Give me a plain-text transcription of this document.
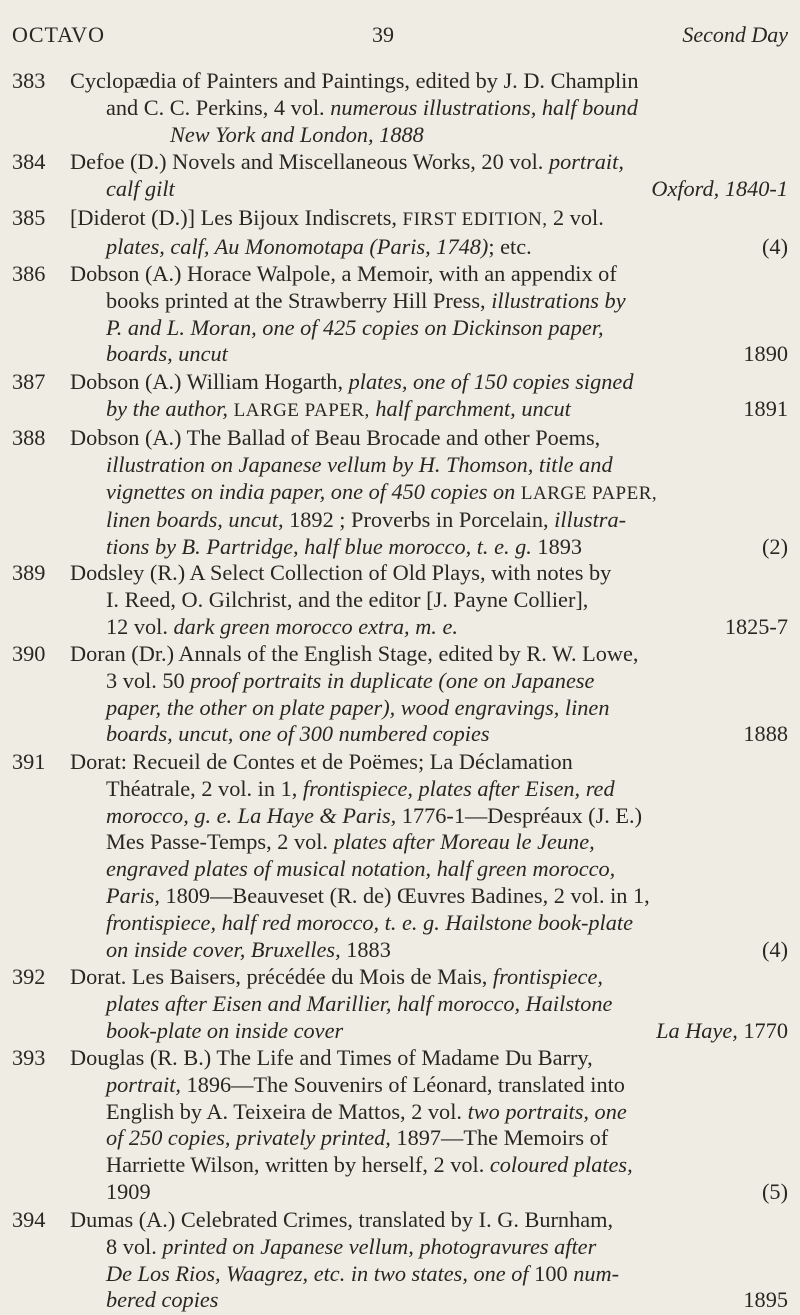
OCTAVO	39	Second Day
383 Cyclopædia of Painters and Paintings, edited by J. D. Champlin
and C. C. Perkins, 4 vol. numerous illustrations, half bound
New York and London, 1888
384 Defoe (D.) Novels and Miscellaneous Works, 20 vol. portrait,
calf gilt	Oxford, 1840-1
385 [Diderot (D.)] Les Bijoux Indiscrets, FIRST EDITION, 2 vol.
plates, calf, Au Monomotapa (Paris, 1748); etc.	(4)
386 Dobson (A.) Horace Walpole, a Memoir, with an appendix of
books printed at the Strawberry Hill Press, illustrations by
P. and L. Moran, one of 425 copies on Dickinson paper,
boards, uncut	1890
387 Dobson (A.) William Hogarth, plates, one of 150 copies signed
by the author, LARGE PAPER, half parchment, uncut	1891
388 Dobson (A.) The Ballad of Beau Brocade and other Poems,
illustration on Japanese vellum by H. Thomson, title and
vignettes on india paper, one of 450 copies on LARGE PAPER,
linen boards, uncut, 1892 ; Proverbs in Porcelain, illustra-
tions by B. Partridge, half blue morocco, t. e. g. 1893	(2)
389 Dodsley (R.) A Select Collection of Old Plays, with notes by
I. Reed, O. Gilchrist, and the editor [J. Payne Collier],
12 vol. dark green morocco extra, m. e.	1825-7
390 Doran (Dr.) Annals of the English Stage, edited by R. W. Lowe,
3 vol. 50 proof portraits in duplicate (one on Japanese
paper, the other on plate paper), wood engravings, linen
boards, uncut, one of 300 numbered copies	1888
391 Dorat: Recueil de Contes et de Poëmes; La Déclamation
Théatrale, 2 vol. in 1, frontispiece, plates after Eisen, red
morocco, g. e. La Haye & Paris, 1776-1—Despréaux (J. E.)
Mes Passe-Temps, 2 vol. plates after Moreau le Jeune,
engraved plates of musical notation, half green morocco,
Paris, 1809—Beauveset (R. de) Œuvres Badines, 2 vol. in 1,
frontispiece, half red morocco, t. e. g. Hailstone book-plate
on inside cover, Bruxelles, 1883	(4)
392 Dorat. Les Baisers, précédée du Mois de Mais, frontispiece,
plates after Eisen and Marillier, half morocco, Hailstone
book-plate on inside cover	La Haye, 1770
393 Douglas (R. B.) The Life and Times of Madame Du Barry,
portrait, 1896—The Souvenirs of Léonard, translated into
English by A. Teixeira de Mattos, 2 vol. two portraits, one
of 250 copies, privately printed, 1897—The Memoirs of
Harriette Wilson, written by herself, 2 vol. coloured plates,
1909	(5)
394 Dumas (A.) Celebrated Crimes, translated by I. G. Burnham,
8 vol. printed on Japanese vellum, photogravures after
De Los Rios, Waagrez, etc. in two states, one of 100 num-
bered copies	1895
